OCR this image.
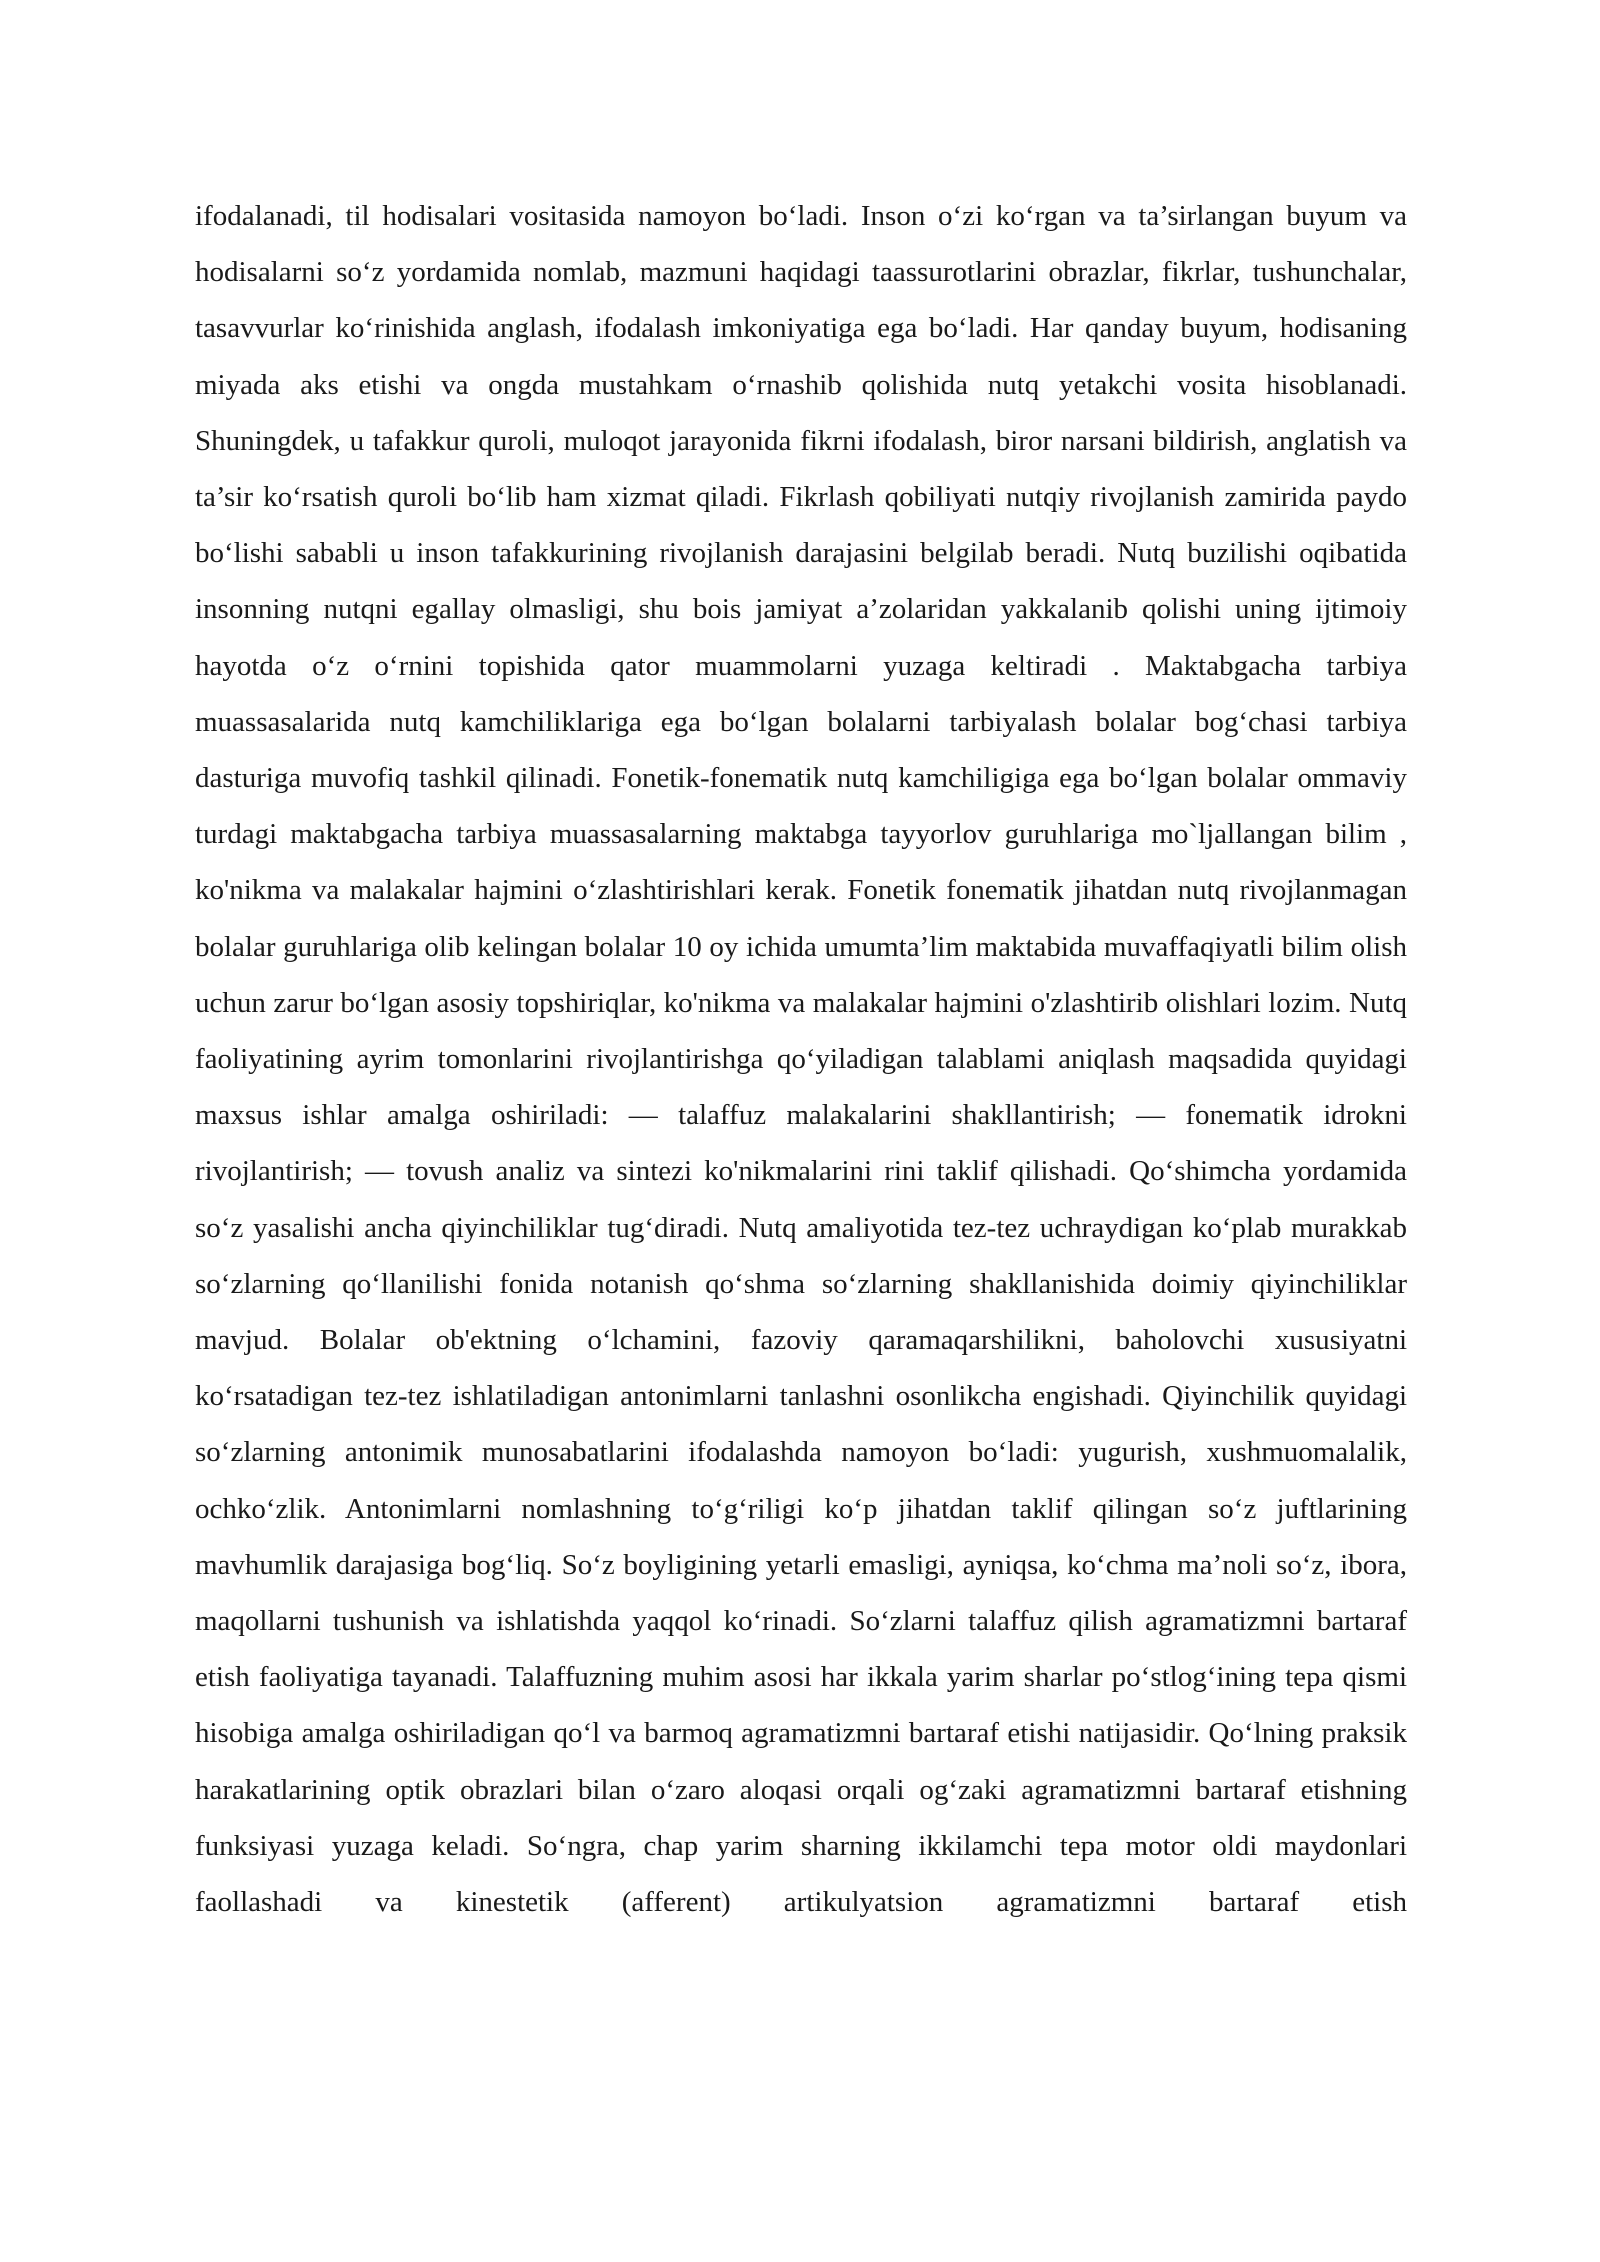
ifodalanadi, til hodisalari vositasida namoyon bo‘ladi. Inson o‘zi ko‘rgan va ta’sirlangan buyum va hodisalarni so‘z yordamida nomlab, mazmuni haqidagi taassurotlarini obrazlar, fikrlar, tushunchalar, tasavvurlar ko‘rinishida anglash, ifodalash imkoniyatiga ega bo‘ladi. Har qanday buyum, hodisaning miyada aks etishi va ongda mustahkam o‘rnashib qolishida nutq yetakchi vosita hisoblanadi. Shuningdek, u tafakkur quroli, muloqot jarayonida fikrni ifodalash, biror narsani bildirish, anglatish va ta’sir ko‘rsatish quroli bo‘lib ham xizmat qiladi. Fikrlash qobiliyati nutqiy rivojlanish zamirida paydo bo‘lishi sababli u inson tafakkurining rivojlanish darajasini belgilab beradi. Nutq buzilishi oqibatida insonning nutqni egallay olmasligi, shu bois jamiyat a’zolaridan yakkalanib qolishi uning ijtimoiy hayotda o‘z o‘rnini topishida qator muammolarni yuzaga keltiradi . Maktabgacha tarbiya muassasalarida nutq kamchiliklariga ega bo‘lgan bolalarni tarbiyalash bolalar bog‘chasi tarbiya dasturiga muvofiq tashkil qilinadi. Fonetik-fonematik nutq kamchiligiga ega bo‘lgan bolalar ommaviy turdagi maktabgacha tarbiya muassasalarning maktabga tayyorlov guruhlariga mo`ljallangan bilim , ko'nikma va malakalar hajmini o‘zlashtirishlari kerak. Fonetik fonematik jihatdan nutq rivojlanmagan bolalar guruhlariga olib kelingan bolalar 10 oy ichida umumta’lim maktabida muvaffaqiyatli bilim olish uchun zarur bo‘lgan asosiy topshiriqlar, ko'nikma va malakalar hajmini o'zlashtirib olishlari lozim. Nutq faoliyatining ayrim tomonlarini rivojlantirishga qo‘yiladigan talablami aniqlash maqsadida quyidagi maxsus ishlar amalga oshiriladi: — talaffuz malakalarini shakllantirish; — fonematik idrokni rivojlantirish; — tovush analiz va sintezi ko'nikmalarini rini taklif qilishadi. Qo‘shimcha yordamida so‘z yasalishi ancha qiyinchiliklar tug‘diradi. Nutq amaliyotida tez-tez uchraydigan ko‘plab murakkab so‘zlarning qo‘llanilishi fonida notanish qo‘shma so‘zlarning shakllanishida doimiy qiyinchiliklar mavjud. Bolalar ob'ektning o‘lchamini, fazoviy qaramaqarshilikni, baholovchi xususiyatni ko‘rsatadigan tez-tez ishlatiladigan antonimlarni tanlashni osonlikcha engishadi. Qiyinchilik quyidagi so‘zlarning antonimik munosabatlarini ifodalashda namoyon bo‘ladi: yugurish, xushmuomalalik, ochko‘zlik. Antonimlarni nomlashning to‘g‘riligi ko‘p jihatdan taklif qilingan so‘z juftlarining mavhumlik darajasiga bog‘liq. So‘z boyligining yetarli emasligi, ayniqsa, ko‘chma ma’noli so‘z, ibora, maqollarni tushunish va ishlatishda yaqqol ko‘rinadi. So‘zlarni talaffuz qilish agramatizmni bartaraf etish faoliyatiga tayanadi. Talaffuzning muhim asosi har ikkala yarim sharlar po‘stlog‘ining tepa qismi hisobiga amalga oshiriladigan qo‘l va barmoq agramatizmni bartaraf etishi natijasidir. Qo‘lning praksik harakatlarining optik obrazlari bilan o‘zaro aloqasi orqali og‘zaki agramatizmni bartaraf etishning funksiyasi yuzaga keladi. So‘ngra, chap yarim sharning ikkilamchi tepa motor oldi maydonlari faollashadi va kinestetik (afferent) artikulyatsion agramatizmni bartaraf etish
